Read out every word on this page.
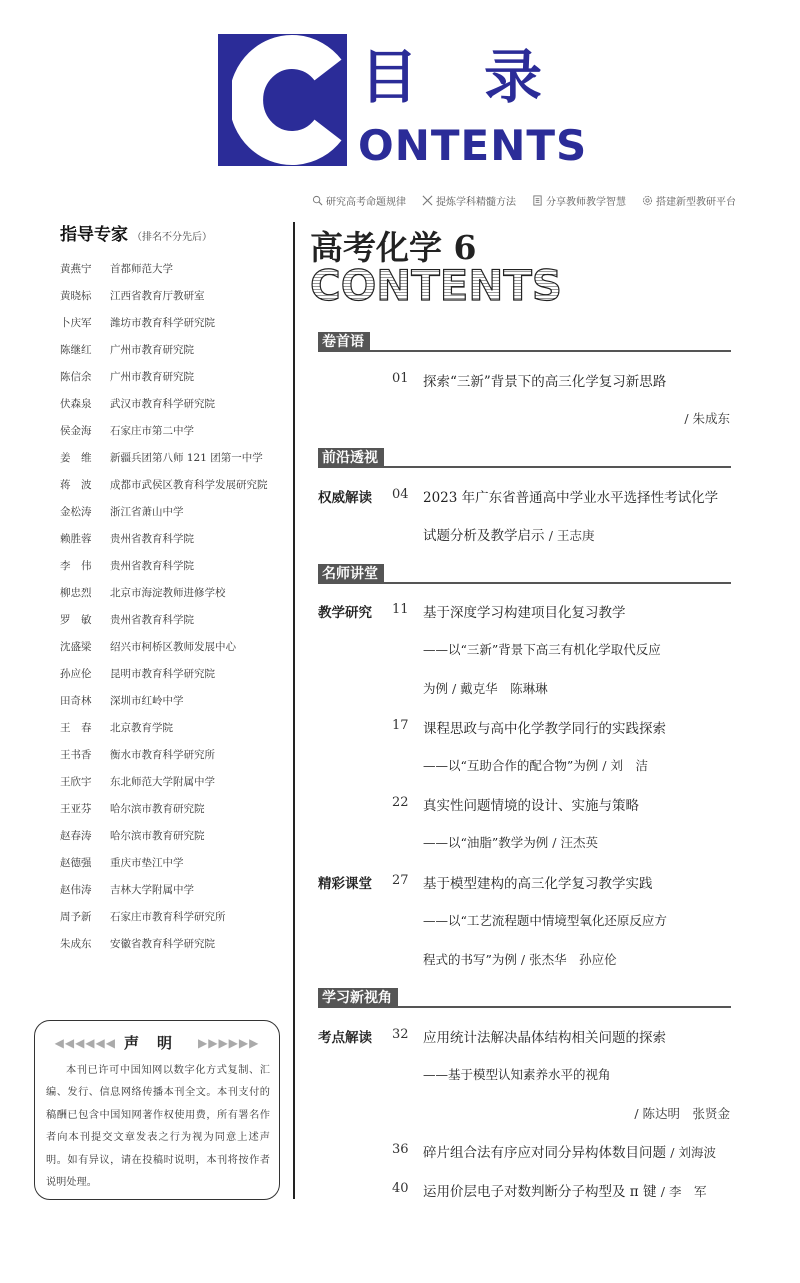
目录
ONTENTS
研究高考命题规律	提炼学科精髓方法	分享教师教学智慧	搭建新型教研平台
指导专家 （排名不分先后）
黄燕宁	首都师范大学
黄晓标	江西省教育厅教研室
卜庆军	潍坊市教育科学研究院
陈继红	广州市教育研究院
陈信余	广州市教育研究院
伏森泉	武汉市教育科学研究院
侯金海	石家庄市第二中学
姜　维	新疆兵团第八师 121 团第一中学
蒋　波	成都市武侯区教育科学发展研究院
金松涛	浙江省萧山中学
赖胜蓉	贵州省教育科学院
李　伟	贵州省教育科学院
柳忠烈	北京市海淀教师进修学校
罗　敏	贵州省教育科学院
沈盛梁	绍兴市柯桥区教师发展中心
孙应伦	昆明市教育科学研究院
田奇林	深圳市红岭中学
王　春	北京教育学院
王书香	衡水市教育科学研究所
王欣宇	东北师范大学附属中学
王亚芬	哈尔滨市教育研究院
赵春涛	哈尔滨市教育研究院
赵德强	重庆市垫江中学
赵伟涛	吉林大学附属中学
周予新	石家庄市教育科学研究所
朱成东	安徽省教育科学研究院
◀◀◀◀◀◀ 声明 ▶▶▶▶▶▶
本刊已许可中国知网以数字化方式复制、汇编、发行、信息网络传播本刊全文。本刊支付的稿酬已包含中国知网著作权使用费，所有署名作者向本刊提交文章发表之行为视为同意上述声明。如有异议，请在投稿时说明，本刊将按作者说明处理。
高考化学 6
CONTENTS
卷首语
前沿透视
名师讲堂
学习新视角
01 探索“三新”背景下的高三化学复习新思路
/ 朱成东
权威解读 04 2023 年广东省普通高中学业水平选择性考试化学
试题分析及教学启示 / 王志庚
教学研究 11 基于深度学习构建项目化复习教学
——以“三新”背景下高三有机化学取代反应
为例 / 戴克华　陈琳琳
17 课程思政与高中化学教学同行的实践探索
——以“互助合作的配合物”为例 / 刘　洁
22 真实性问题情境的设计、实施与策略
——以“油脂”教学为例 / 汪杰英
精彩课堂 27 基于模型建构的高三化学复习教学实践
——以“工艺流程题中情境型氧化还原反应方
程式的书写”为例 / 张杰华　孙应伦
考点解读 32 应用统计法解决晶体结构相关问题的探索
——基于模型认知素养水平的视角
/ 陈达明　张贤金
36 碎片组合法有序应对同分异构体数目问题 / 刘海波
40 运用价层电子对数判断分子构型及 π 键 / 李　军
